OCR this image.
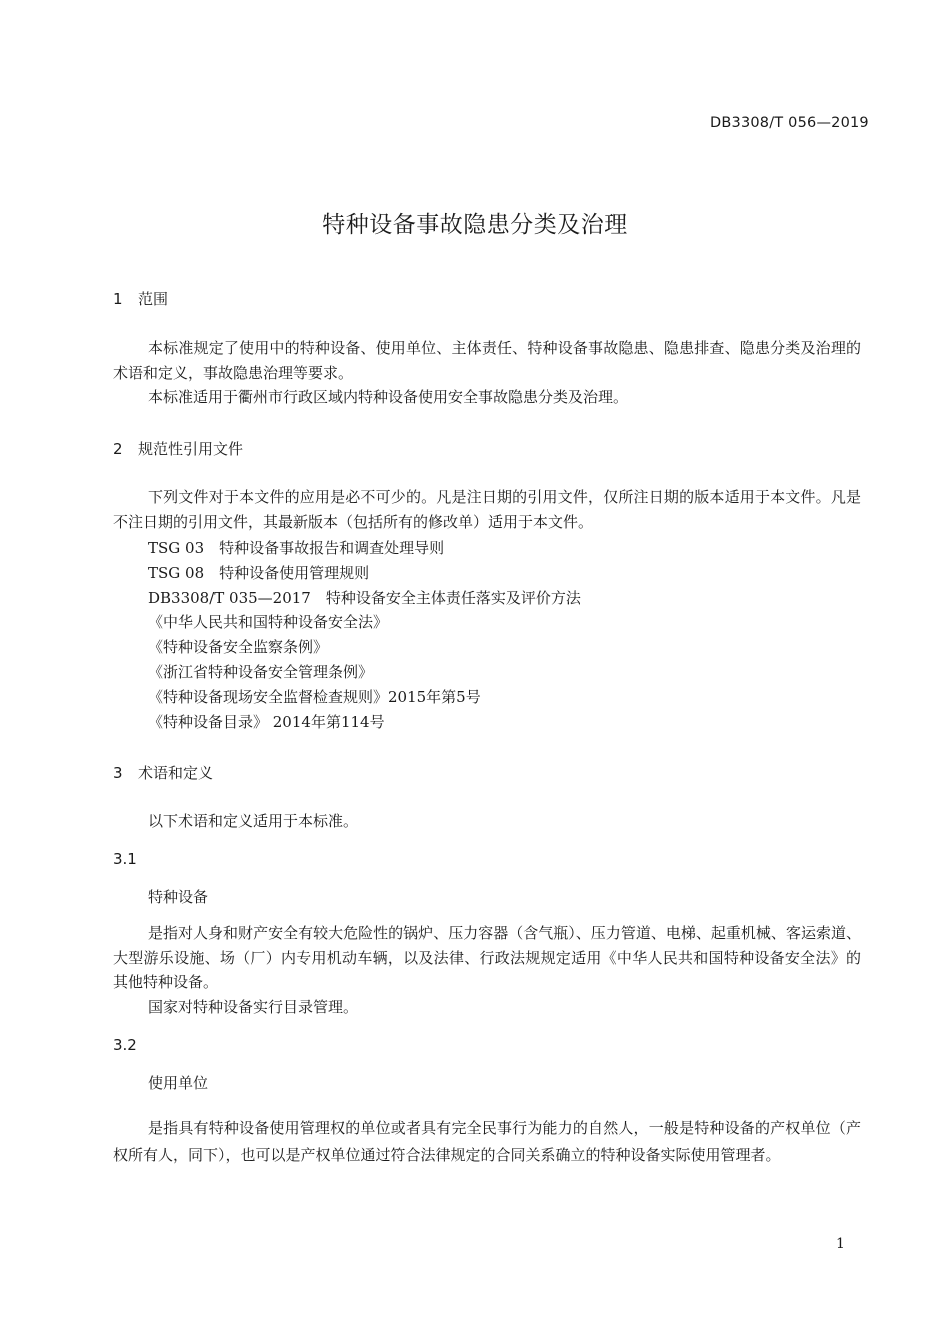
DB3308/T 056—2019
特种设备事故隐患分类及治理
1 范围
本标准规定了使用中的特种设备、使用单位、主体责任、特种设备事故隐患、隐患排查、隐患分类及治理的术语和定义，事故隐患治理等要求。
本标准适用于衢州市行政区域内特种设备使用安全事故隐患分类及治理。
2 规范性引用文件
下列文件对于本文件的应用是必不可少的。凡是注日期的引用文件，仅所注日期的版本适用于本文件。凡是不注日期的引用文件，其最新版本（包括所有的修改单）适用于本文件。
TSG 03　特种设备事故报告和调查处理导则
TSG 08　特种设备使用管理规则
DB3308/T 035—2017　特种设备安全主体责任落实及评价方法
《中华人民共和国特种设备安全法》
《特种设备安全监察条例》
《浙江省特种设备安全管理条例》
《特种设备现场安全监督检查规则》2015年第5号
《特种设备目录》 2014年第114号
3 术语和定义
以下术语和定义适用于本标准。
3.1
特种设备
是指对人身和财产安全有较大危险性的锅炉、压力容器（含气瓶）、压力管道、电梯、起重机械、客运索道、大型游乐设施、场（厂）内专用机动车辆，以及法律、行政法规规定适用《中华人民共和国特种设备安全法》的其他特种设备。
国家对特种设备实行目录管理。
3.2
使用单位
是指具有特种设备使用管理权的单位或者具有完全民事行为能力的自然人，一般是特种设备的产权单位（产权所有人，同下），也可以是产权单位通过符合法律规定的合同关系确立的特种设备实际使用管理者。
1
